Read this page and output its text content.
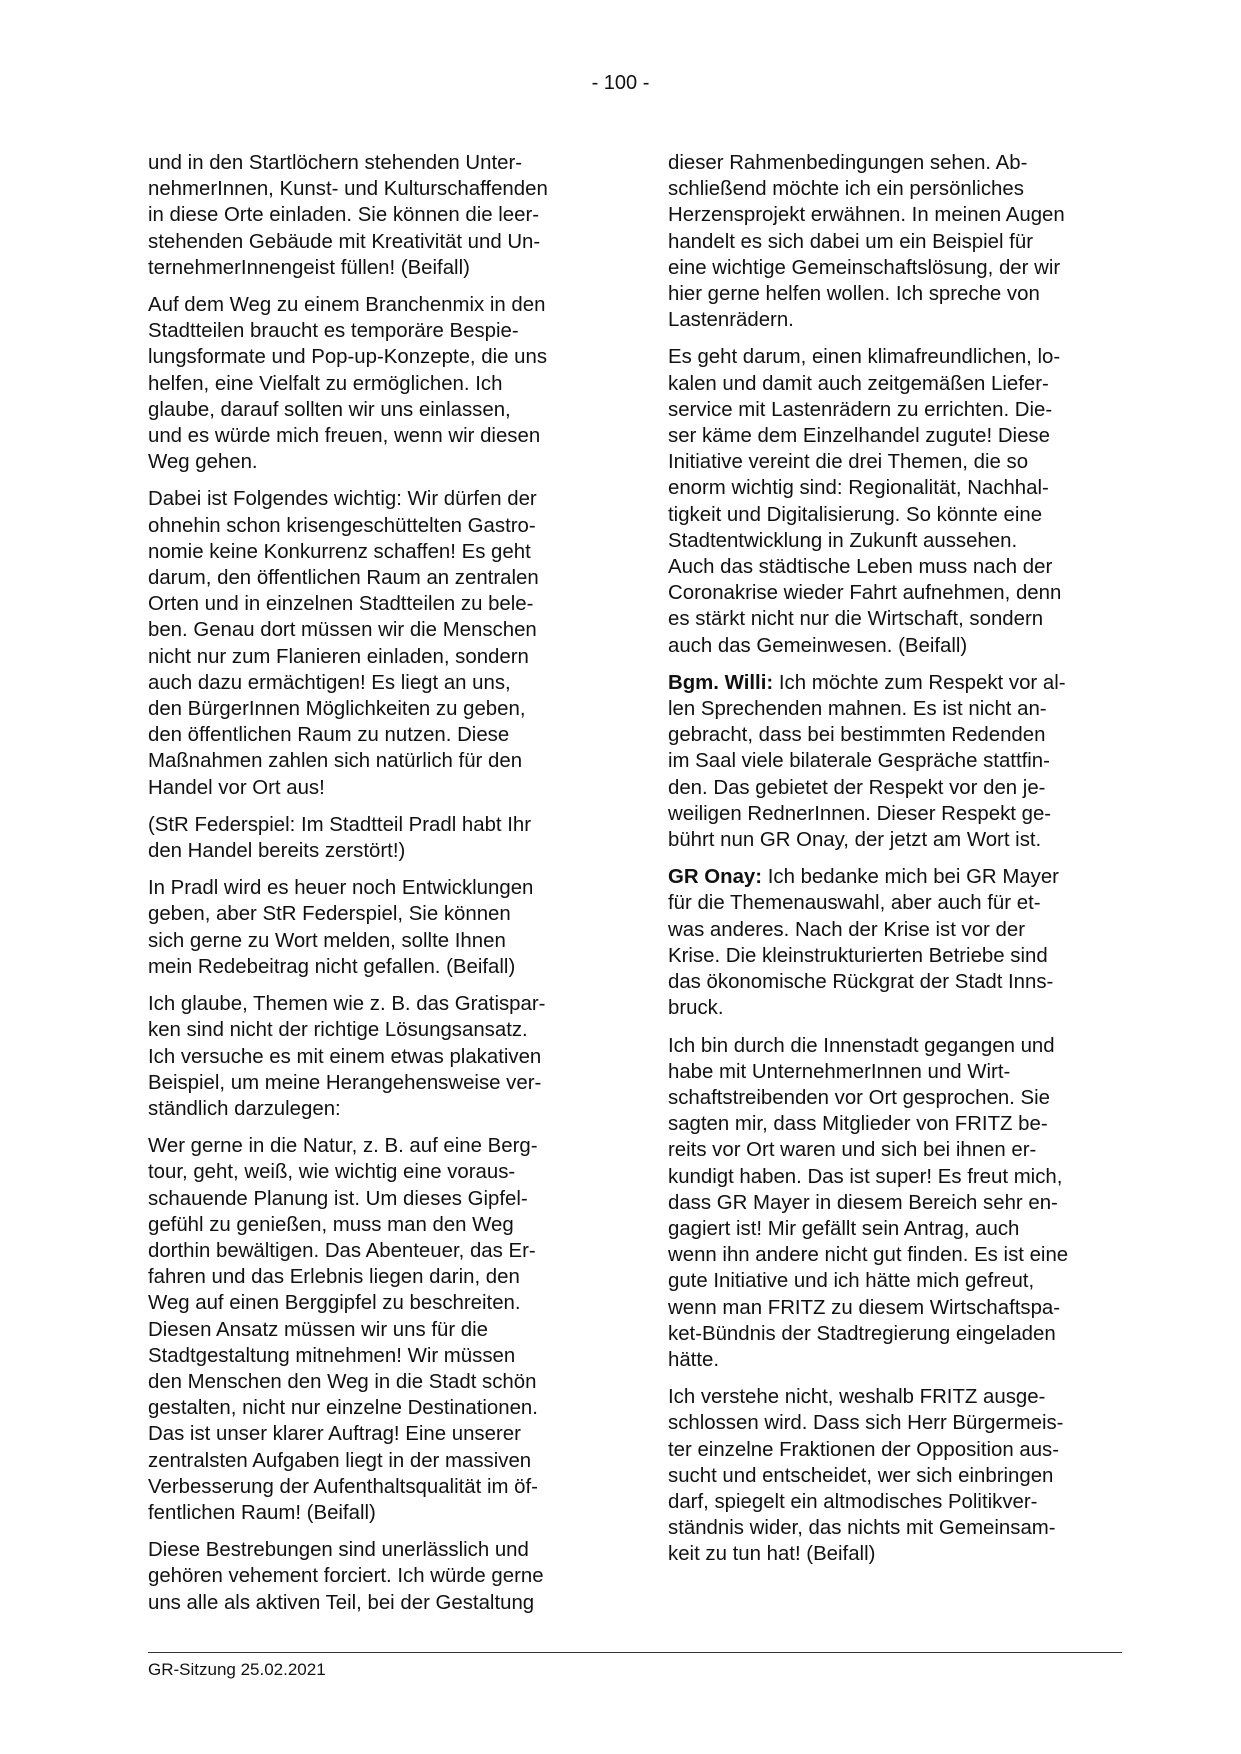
- 100 -

und in den Startlöchern stehenden Unter-
nehmerInnen, Kunst- und Kulturschaffenden
in diese Orte einladen. Sie können die leer-
stehenden Gebäude mit Kreativität und Un-
ternehmerInnengeist füllen! (Beifall)

Auf dem Weg zu einem Branchenmix in den
Stadtteilen braucht es temporäre Bespie-
lungsformate und Pop-up-Konzepte, die uns
helfen, eine Vielfalt zu ermöglichen. Ich
glaube, darauf sollten wir uns einlassen,
und es würde mich freuen, wenn wir diesen
Weg gehen.

Dabei ist Folgendes wichtig: Wir dürfen der
ohnehin schon krisengeschüttelten Gastro-
nomie keine Konkurrenz schaffen! Es geht
darum, den öffentlichen Raum an zentralen
Orten und in einzelnen Stadtteilen zu bele-
ben. Genau dort müssen wir die Menschen
nicht nur zum Flanieren einladen, sondern
auch dazu ermächtigen! Es liegt an uns,
den BürgerInnen Möglichkeiten zu geben,
den öffentlichen Raum zu nutzen. Diese
Maßnahmen zahlen sich natürlich für den
Handel vor Ort aus!

(StR Federspiel: Im Stadtteil Pradl habt Ihr
den Handel bereits zerstört!)

In Pradl wird es heuer noch Entwicklungen
geben, aber StR Federspiel, Sie können
sich gerne zu Wort melden, sollte Ihnen
mein Redebeitrag nicht gefallen. (Beifall)

Ich glaube, Themen wie z. B. das Gratispar-
ken sind nicht der richtige Lösungsansatz.
Ich versuche es mit einem etwas plakativen
Beispiel, um meine Herangehensweise ver-
ständlich darzulegen:

Wer gerne in die Natur, z. B. auf eine Berg-
tour, geht, weiß, wie wichtig eine voraus-
schauende Planung ist. Um dieses Gipfel-
gefühl zu genießen, muss man den Weg
dorthin bewältigen. Das Abenteuer, das Er-
fahren und das Erlebnis liegen darin, den
Weg auf einen Berggipfel zu beschreiten.
Diesen Ansatz müssen wir uns für die
Stadtgestaltung mitnehmen! Wir müssen
den Menschen den Weg in die Stadt schön
gestalten, nicht nur einzelne Destinationen.
Das ist unser klarer Auftrag! Eine unserer
zentralsten Aufgaben liegt in der massiven
Verbesserung der Aufenthaltsqualität im öf-
fentlichen Raum! (Beifall)

Diese Bestrebungen sind unerlässlich und
gehören vehement forciert. Ich würde gerne
uns alle als aktiven Teil, bei der Gestaltung

dieser Rahmenbedingungen sehen. Ab-
schließend möchte ich ein persönliches
Herzensprojekt erwähnen. In meinen Augen
handelt es sich dabei um ein Beispiel für
eine wichtige Gemeinschaftslösung, der wir
hier gerne helfen wollen. Ich spreche von
Lastenrädern.

Es geht darum, einen klimafreundlichen, lo-
kalen und damit auch zeitgemäßen Liefer-
service mit Lastenrädern zu errichten. Die-
ser käme dem Einzelhandel zugute! Diese
Initiative vereint die drei Themen, die so
enorm wichtig sind: Regionalität, Nachhal-
tigkeit und Digitalisierung. So könnte eine
Stadtentwicklung in Zukunft aussehen.
Auch das städtische Leben muss nach der
Coronakrise wieder Fahrt aufnehmen, denn
es stärkt nicht nur die Wirtschaft, sondern
auch das Gemeinwesen. (Beifall)

Bgm. Willi: Ich möchte zum Respekt vor al-

len Sprechenden mahnen. Es ist nicht an-
gebracht, dass bei bestimmten Redenden
im Saal viele bilaterale Gespräche stattfin-
den. Das gebietet der Respekt vor den je-
weiligen RednerInnen. Dieser Respekt ge-
bührt nun GR Onay, der jetzt am Wort ist.

GR Onay: Ich bedanke mich bei GR Mayer

für die Themenauswahl, aber auch für et-
was anderes. Nach der Krise ist vor der
Krise. Die kleinstrukturierten Betriebe sind
das ökonomische Rückgrat der Stadt Inns-
bruck.

Ich bin durch die Innenstadt gegangen und
habe mit UnternehmerInnen und Wirt-
schaftstreibenden vor Ort gesprochen. Sie
sagten mir, dass Mitglieder von FRITZ be-
reits vor Ort waren und sich bei ihnen er-
kundigt haben. Das ist super! Es freut mich,
dass GR Mayer in diesem Bereich sehr en-
gagiert ist! Mir gefällt sein Antrag, auch
wenn ihn andere nicht gut finden. Es ist eine
gute Initiative und ich hätte mich gefreut,
wenn man FRITZ zu diesem Wirtschaftspa-
ket-Bündnis der Stadtregierung eingeladen
hätte.

Ich verstehe nicht, weshalb FRITZ ausge-
schlossen wird. Dass sich Herr Bürgermeis-
ter einzelne Fraktionen der Opposition aus-
sucht und entscheidet, wer sich einbringen
darf, spiegelt ein altmodisches Politikver-
ständnis wider, das nichts mit Gemeinsam-
keit zu tun hat! (Beifall)

GR-Sitzung 25.02.2021
